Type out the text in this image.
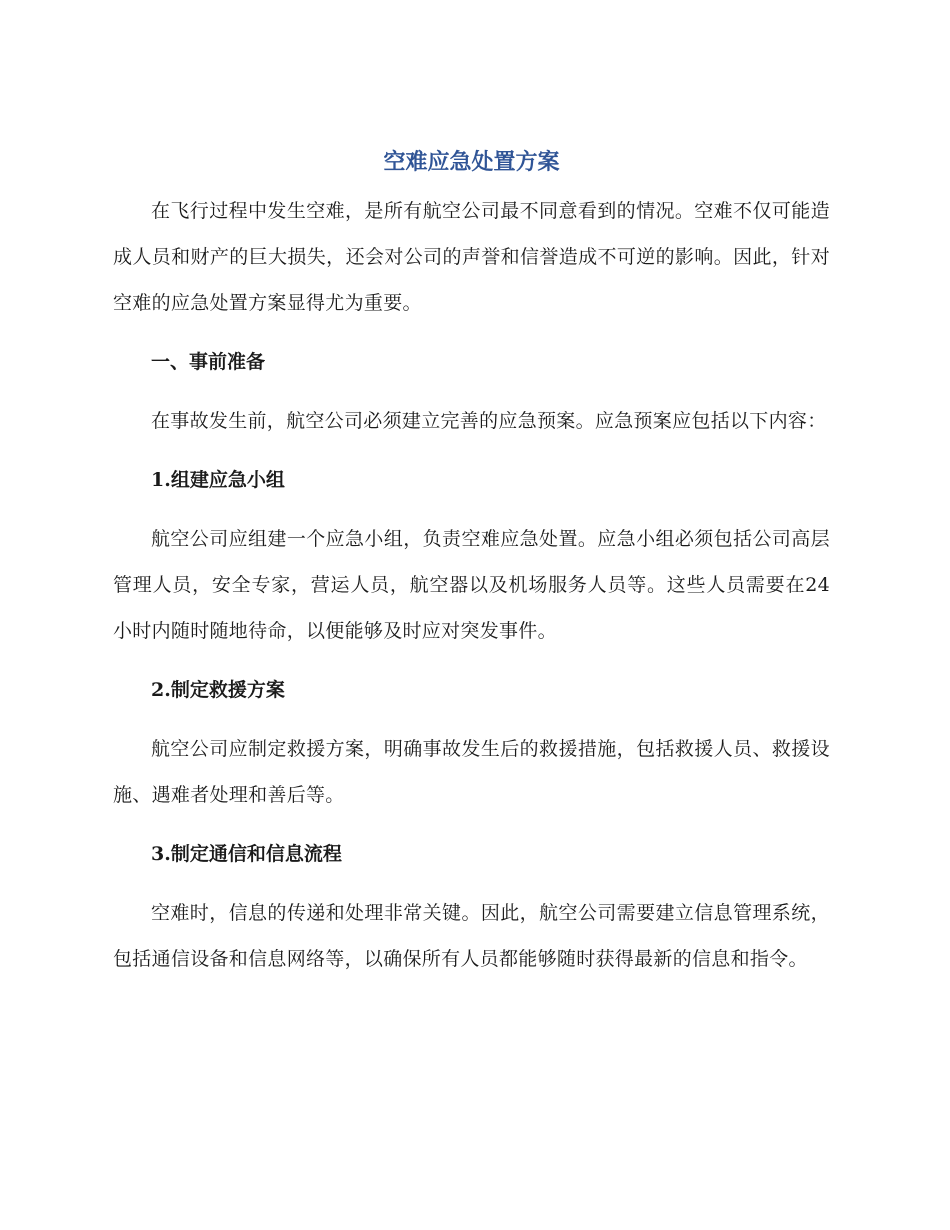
空难应急处置方案

在飞行过程中发生空难，是所有航空公司最不同意看到的情况。空难不仅可能造成人员和财产的巨大损失，还会对公司的声誉和信誉造成不可逆的影响。因此，针对空难的应急处置方案显得尤为重要。

一、事前准备

在事故发生前，航空公司必须建立完善的应急预案。应急预案应包括以下内容：

1.组建应急小组

航空公司应组建一个应急小组，负责空难应急处置。应急小组必须包括公司高层管理人员，安全专家，营运人员，航空器以及机场服务人员等。这些人员需要在24小时内随时随地待命，以便能够及时应对突发事件。

2.制定救援方案

航空公司应制定救援方案，明确事故发生后的救援措施，包括救援人员、救援设施、遇难者处理和善后等。

3.制定通信和信息流程

空难时，信息的传递和处理非常关键。因此，航空公司需要建立信息管理系统，包括通信设备和信息网络等，以确保所有人员都能够随时获得最新的信息和指令。
